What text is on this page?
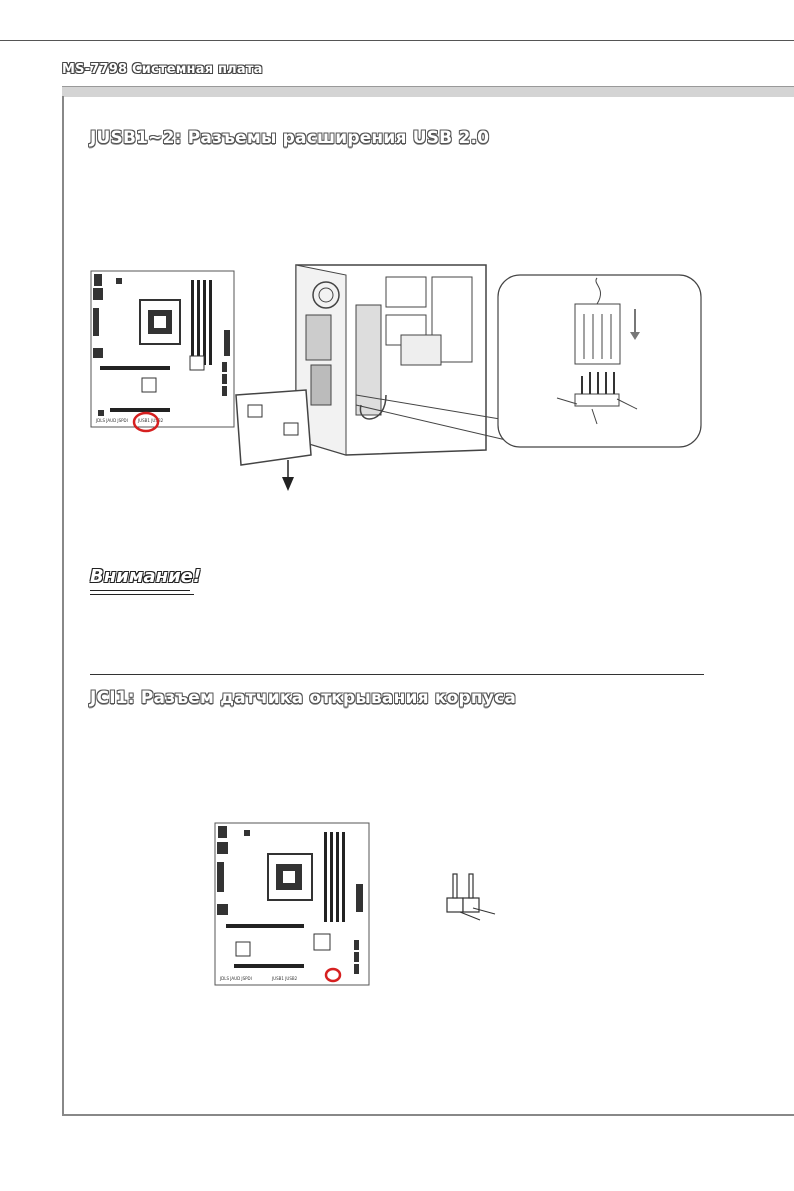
MS-7798 Системная плата
JUSB1~2: Разъемы расширения USB 2.0
JDLS JAUD JSPDI	JUSB1 JUSB2
Внимание!
JCI1: Разъем датчика открывания корпуса
JDLS JAUD JSPDI	JUSB1 JUSB2
